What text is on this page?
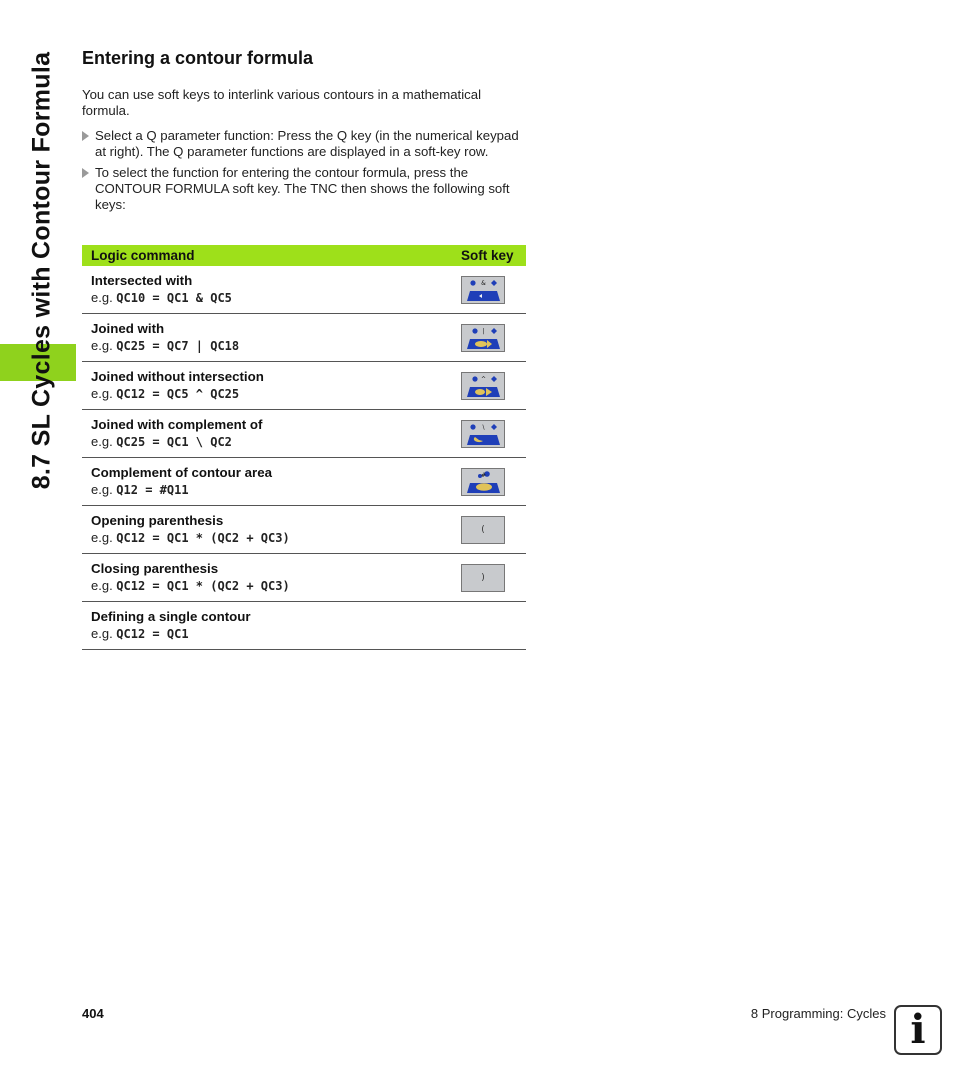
8.7 SL Cycles with Contour Formula Entering a contour formula

You can use soft keys to interlink various contours in a mathematical formula.

Select a Q parameter function: Press the Q key (in the numerical keypad at right). The Q parameter functions are displayed in a soft-key row.
To select the function for entering the contour formula, press the CONTOUR FORMULA soft key. The TNC then shows the following soft keys:
Logic command	Soft key

Intersected with
e.g. QC10 = QC1 & QC5	&

Joined with
e.g. QC25 = QC7 | QC18	|

Joined without intersection
e.g. QC12 = QC5 ^ QC25	^

Joined with complement of
e.g. QC25 = QC1 \ QC2	\

Complement of contour area
e.g. Q12 = #Q11	#

Opening parenthesis
e.g. QC12 = QC1 * (QC2 + QC3)	(

Closing parenthesis
e.g. QC12 = QC1 * (QC2 + QC3)	)

Defining a single contour
e.g. QC12 = QC1	

404	8 Programming: Cycles i
